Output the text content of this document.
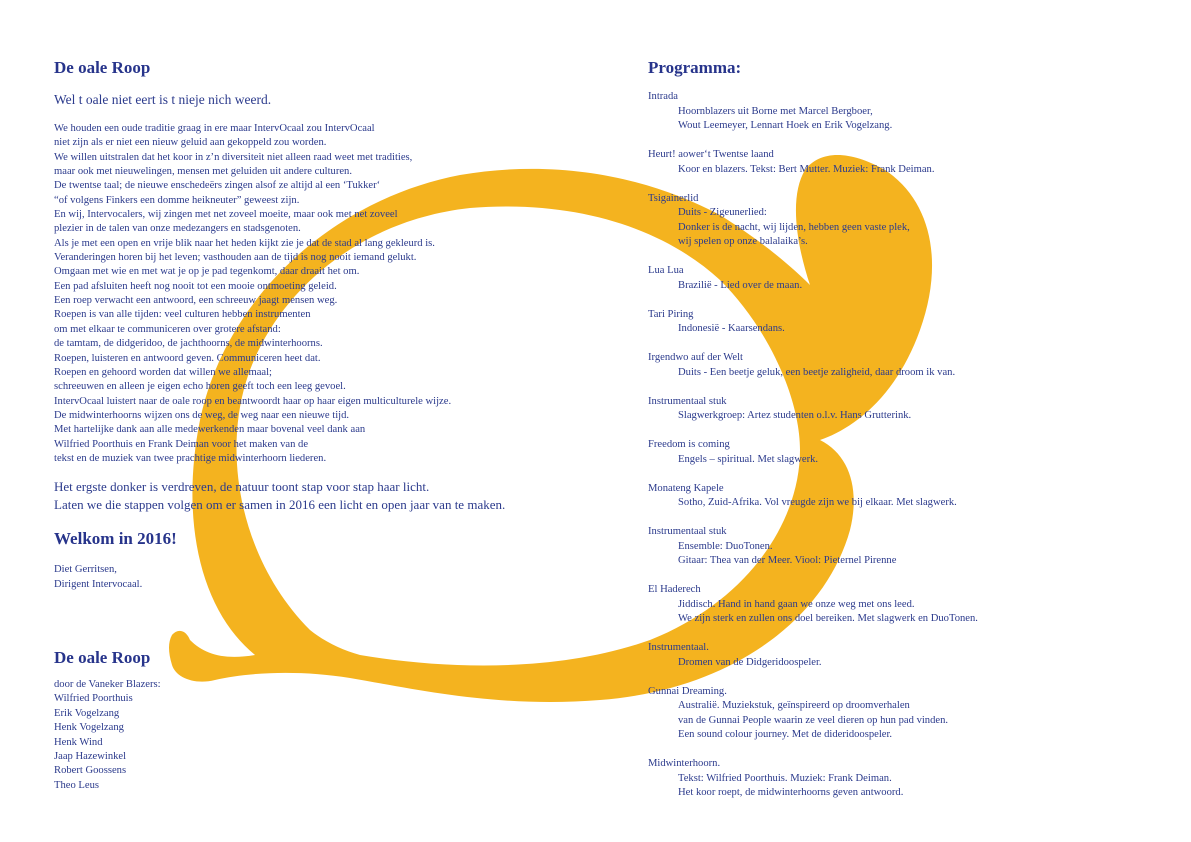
De oale Roop

Wel t oale niet eert is t nieje nich weerd.

We houden een oude traditie graag in ere maar IntervOcaal zou IntervOcaal
niet zijn als er niet een nieuw geluid aan gekoppeld zou worden.
We willen uitstralen dat het koor in z’n diversiteit niet alleen raad weet met tradities,
maar ook met nieuwelingen, mensen met geluiden uit andere culturen.
De twentse taal; de nieuwe enschedeërs zingen alsof ze altijd al een ‘Tukker‘
“of volgens Finkers een domme heikneuter” geweest zijn.
En wij, Intervocalers, wij zingen met net zoveel moeite, maar ook met net zoveel
plezier in de talen van onze medezangers en stadsgenoten.
Als je met een open en vrije blik naar het heden kijkt zie je dat de stad al lang gekleurd is.
Veranderingen horen bij het leven; vasthouden aan de tijd is nog nooit iemand gelukt.
Omgaan met wie en met wat je op je pad tegenkomt, daar draait het om.
Een pad afsluiten heeft nog nooit tot een mooie ontmoeting geleid.
Een roep verwacht een antwoord, een schreeuw jaagt mensen weg.
Roepen is van alle tijden: veel culturen hebben instrumenten
om met elkaar te communiceren over grotere afstand:
de tamtam, de didgeridoo, de jachthoorns, de midwinterhoorns.
Roepen, luisteren en antwoord geven. Communiceren heet dat.
Roepen en gehoord worden dat willen we allemaal;
schreeuwen en alleen je eigen echo horen geeft toch een leeg gevoel.
IntervOcaal luistert naar de oale roop en beantwoordt haar op haar eigen multiculturele wijze.
De midwinterhoorns wijzen ons de weg, de weg naar een nieuwe tijd.
Met hartelijke dank aan alle medewerkenden maar bovenal veel dank aan
Wilfried Poorthuis en Frank Deiman voor het maken van de
tekst en de muziek van twee prachtige midwinterhoorn liederen.
Het ergste donker is verdreven, de natuur toont stap voor stap haar licht.
Laten we die stappen volgen om er samen in 2016 een licht en open jaar van te maken.
Welkom in 2016!
Diet Gerritsen,
Dirigent Intervocaal.
De oale Roop
door de Vaneker Blazers:
Wilfried Poorthuis
Erik Vogelzang
Henk Vogelzang
Henk Wind
Jaap Hazewinkel
Robert Goossens
Theo Leus
Programma:
Intrada
Hoornblazers uit Borne met Marcel Bergboer,
Wout Leemeyer, Lennart Hoek en Erik Vogelzang.
Heurt! aower‘t Twentse laand
Koor en blazers. Tekst: Bert Mutter. Muziek: Frank Deiman.
Tsigainerlid
Duits - Zigeunerlied:
Donker is de nacht, wij lijden, hebben geen vaste plek,
wij spelen op onze balalaika’s.
Lua Lua
Brazilië - Lied over de maan.
Tari Piring
Indonesië - Kaarsendans.
Irgendwo auf der Welt
Duits - Een beetje geluk, een beetje zaligheid, daar droom ik van.
Instrumentaal stuk
Slagwerkgroep: Artez studenten o.l.v. Hans Grutterink.
Freedom is coming
Engels – spiritual. Met slagwerk.
Monateng Kapele
Sotho, Zuid-Afrika. Vol vreugde zijn we bij elkaar. Met slagwerk.
Instrumentaal stuk
Ensemble: DuoTonen.
Gitaar: Thea van der Meer. Viool: Pieternel Pirenne
El Haderech
Jiddisch. Hand in hand gaan we onze weg met ons leed.
We zijn sterk en zullen ons doel bereiken. Met slagwerk en DuoTonen.
Instrumentaal.
Dromen van de Didgeridoospeler.
Gunnai Dreaming.
Australië. Muziekstuk, geïnspireerd op droomverhalen
van de Gunnai People waarin ze veel dieren op hun pad vinden.
Een sound colour journey. Met de dideridoospeler.
Midwinterhoorn.
Tekst: Wilfried Poorthuis. Muziek: Frank Deiman.
Het koor roept, de midwinterhoorns geven antwoord.
